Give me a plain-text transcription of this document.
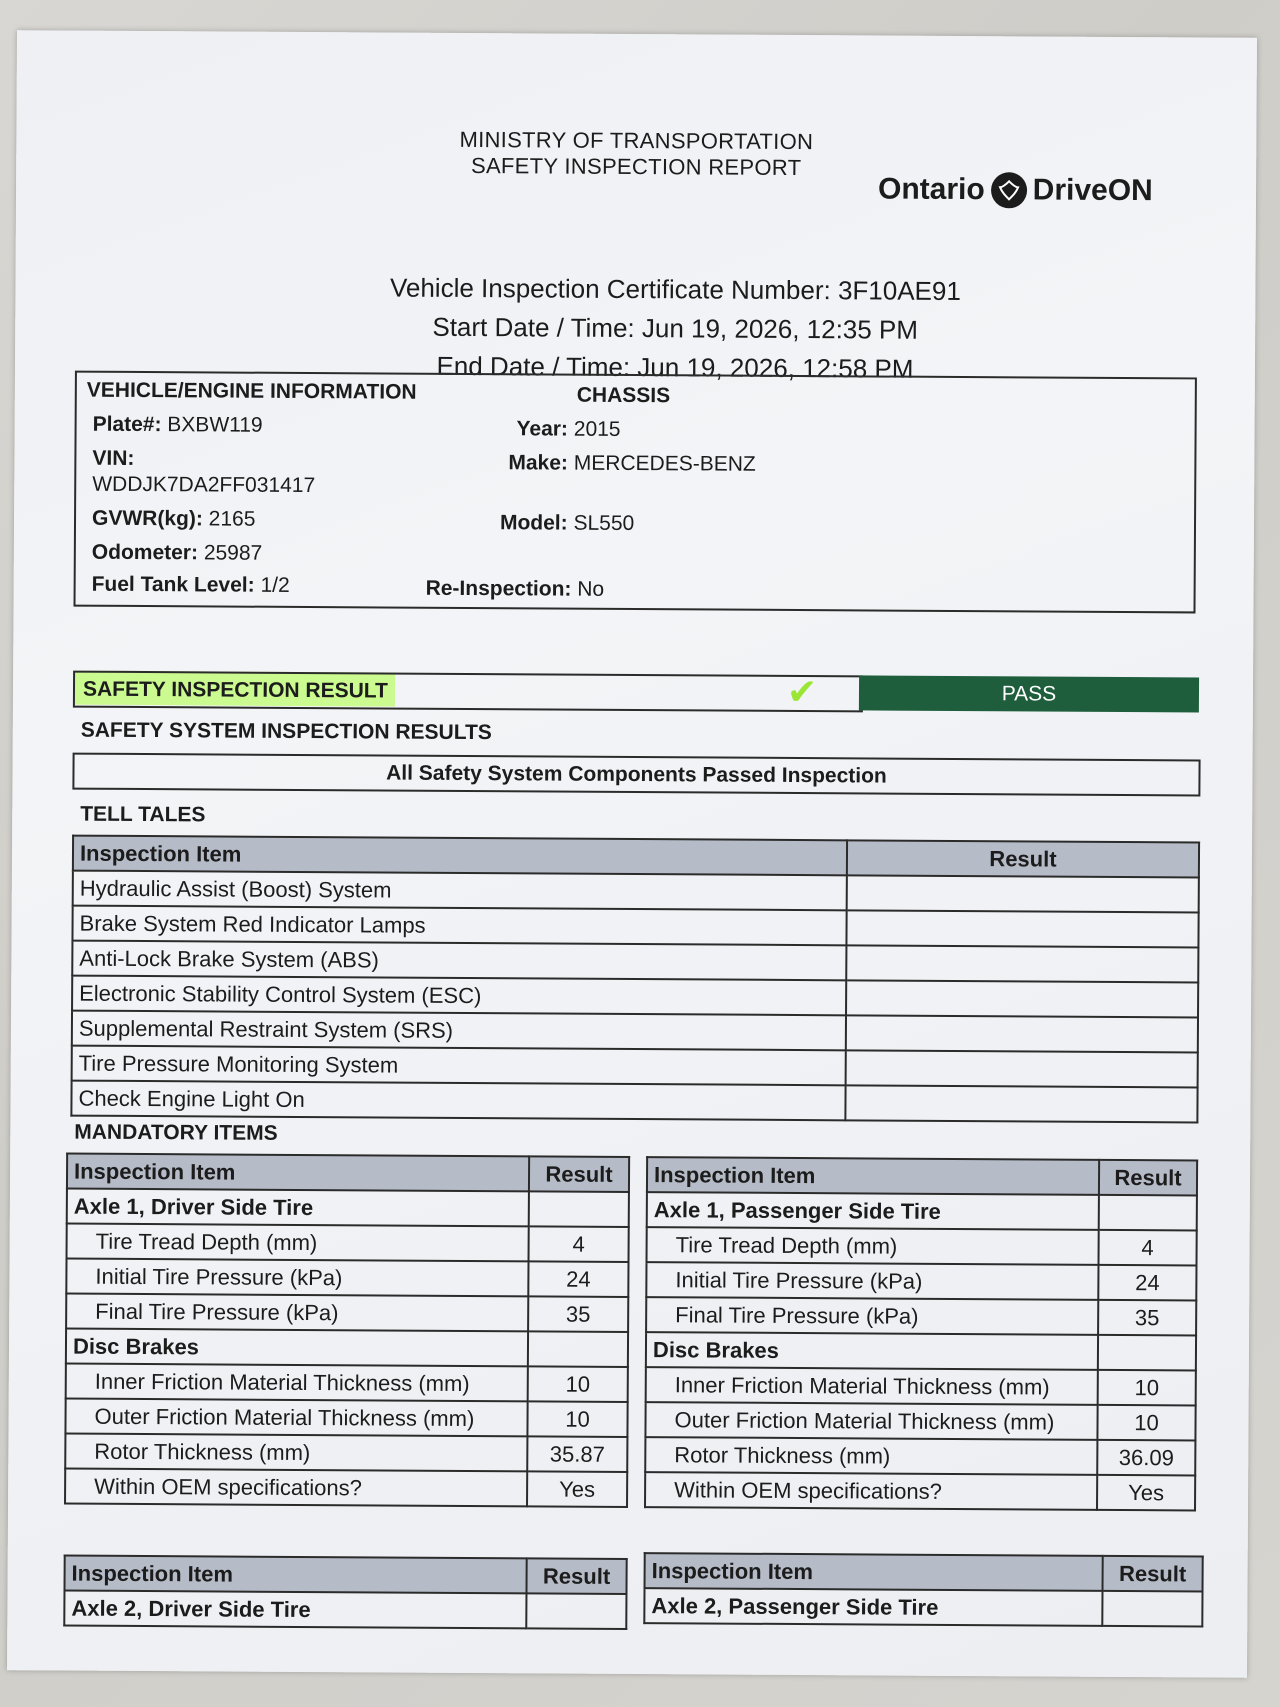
MINISTRY OF TRANSPORTATION
SAFETY INSPECTION REPORT
Ontario DriveON
Vehicle Inspection Certificate Number: 3F10AE91
Start Date / Time: Jun 19, 2026, 12:35 PM
End Date / Time: Jun 19, 2026, 12:58 PM
VEHICLE/ENGINE INFORMATION	CHASSIS
Plate#: BXBW119
VIN:
WDDJK7DA2FF031417
GVWR(kg): 2165
Odometer: 25987
Fuel Tank Level: 1/2
Year: 2015
Make: MERCEDES-BENZ
Model: SL550
Re-Inspection: No
SAFETY INSPECTION RESULT	✔	PASS
SAFETY SYSTEM INSPECTION RESULTS
All Safety System Components Passed Inspection
TELL TALES
Inspection Item	Result
Hydraulic Assist (Boost) System	
Brake System Red Indicator Lamps	
Anti-Lock Brake System (ABS)	
Electronic Stability Control System (ESC)	
Supplemental Restraint System (SRS)	
Tire Pressure Monitoring System	
Check Engine Light On	
MANDATORY ITEMS
Inspection Item	Result
Axle 1, Driver Side Tire	
Tire Tread Depth (mm)	4
Initial Tire Pressure (kPa)	24
Final Tire Pressure (kPa)	35
Disc Brakes	
Inner Friction Material Thickness (mm)	10
Outer Friction Material Thickness (mm)	10
Rotor Thickness (mm)	35.87
Within OEM specifications?	Yes
Inspection Item	Result
Axle 1, Passenger Side Tire	
Tire Tread Depth (mm)	4
Initial Tire Pressure (kPa)	24
Final Tire Pressure (kPa)	35
Disc Brakes	
Inner Friction Material Thickness (mm)	10
Outer Friction Material Thickness (mm)	10
Rotor Thickness (mm)	36.09
Within OEM specifications?	Yes
Inspection Item	Result
Axle 2, Driver Side Tire	
Inspection Item	Result
Axle 2, Passenger Side Tire	
